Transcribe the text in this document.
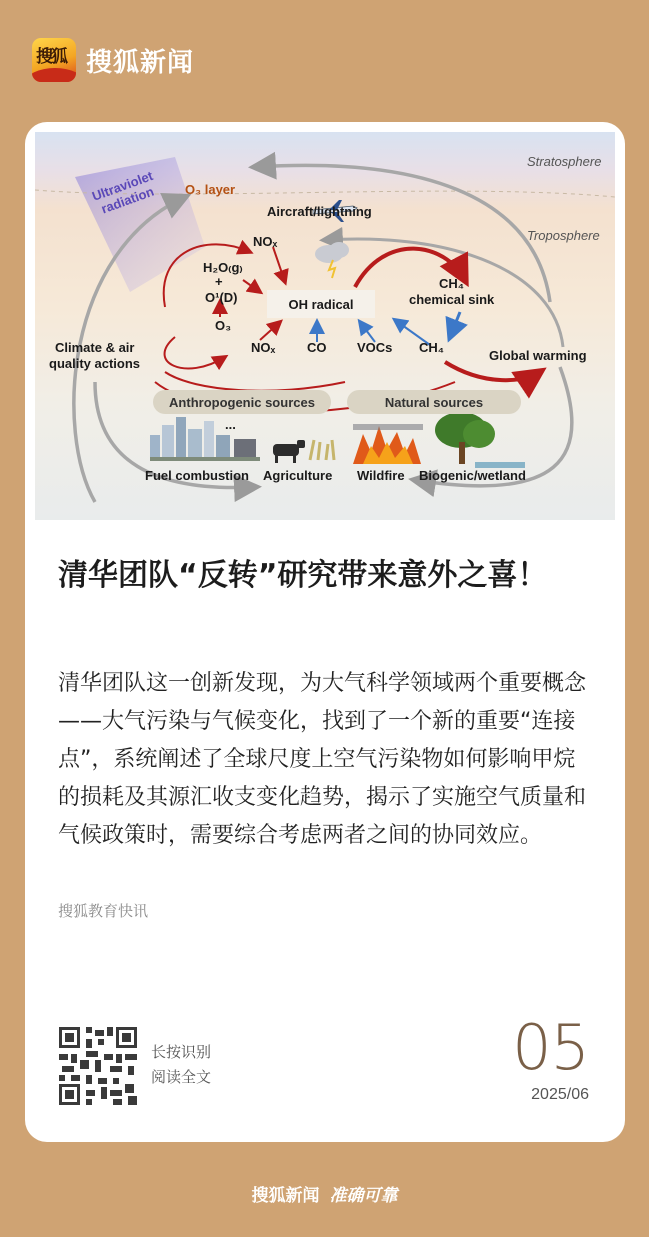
搜狐 搜狐新闻
Stratosphere
Troposphere
Ultraviolet radiation	O₃ layer
Aircraft/lightning
NOₓ
H₂O₍g₎
+
O¹(D)
O₃
OH radical
CH₄
chemical sink
Climate & air
quality actions
NOₓ CO VOCs CH₄
Global warming
Anthropogenic sources	Natural sources
...
Fuel combustion Agriculture Wildfire Biogenic/wetland
清华团队“反转”研究带来意外之喜！
清华团队这一创新发现，为大气科学领域两个重要概念——大气污染与气候变化，找到了一个新的重要“连接点”，系统阐述了全球尺度上空气污染物如何影响甲烷的损耗及其源汇收支变化趋势，揭示了实施空气质量和气候政策时，需要综合考虑两者之间的协同效应。
搜狐教育快讯
长按识别
阅读全文	05
2025/06
搜狐新闻 准确可靠
